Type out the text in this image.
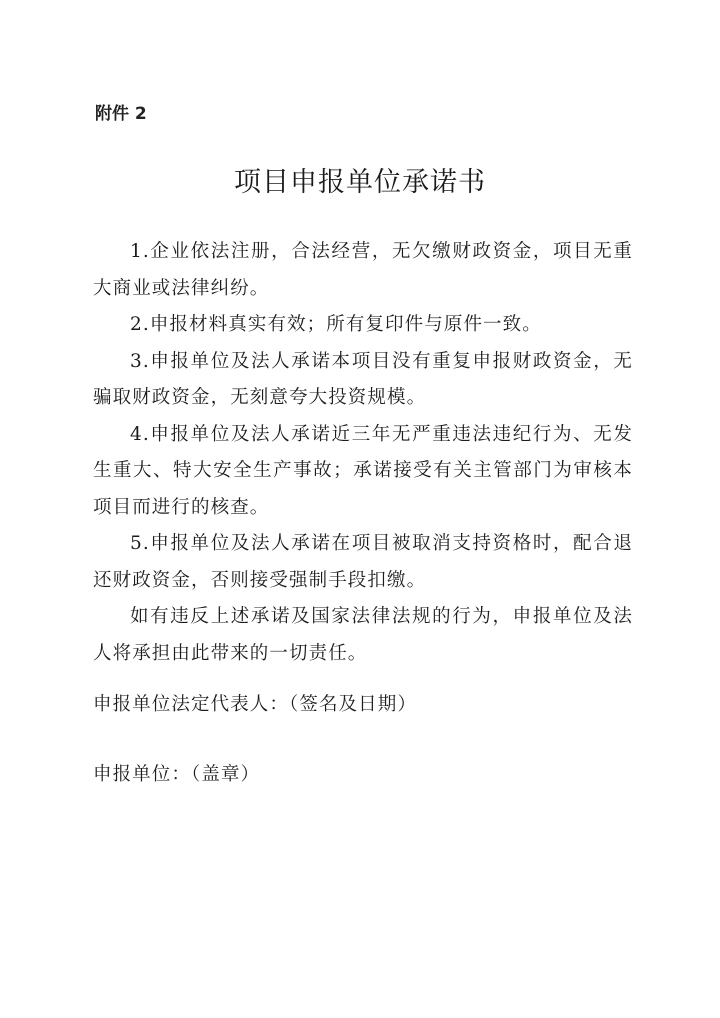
附件 2
项目申报单位承诺书

1.企业依法注册，合法经营，无欠缴财政资金，项目无重大商业或法律纠纷。

2.申报材料真实有效；所有复印件与原件一致。

3.申报单位及法人承诺本项目没有重复申报财政资金，无骗取财政资金，无刻意夸大投资规模。

4.申报单位及法人承诺近三年无严重违法违纪行为、无发生重大、特大安全生产事故；承诺接受有关主管部门为审核本项目而进行的核查。

5.申报单位及法人承诺在项目被取消支持资格时，配合退还财政资金，否则接受强制手段扣缴。

如有违反上述承诺及国家法律法规的行为，申报单位及法人将承担由此带来的一切责任。

申报单位法定代表人：（签名及日期）
申报单位：（盖章）
